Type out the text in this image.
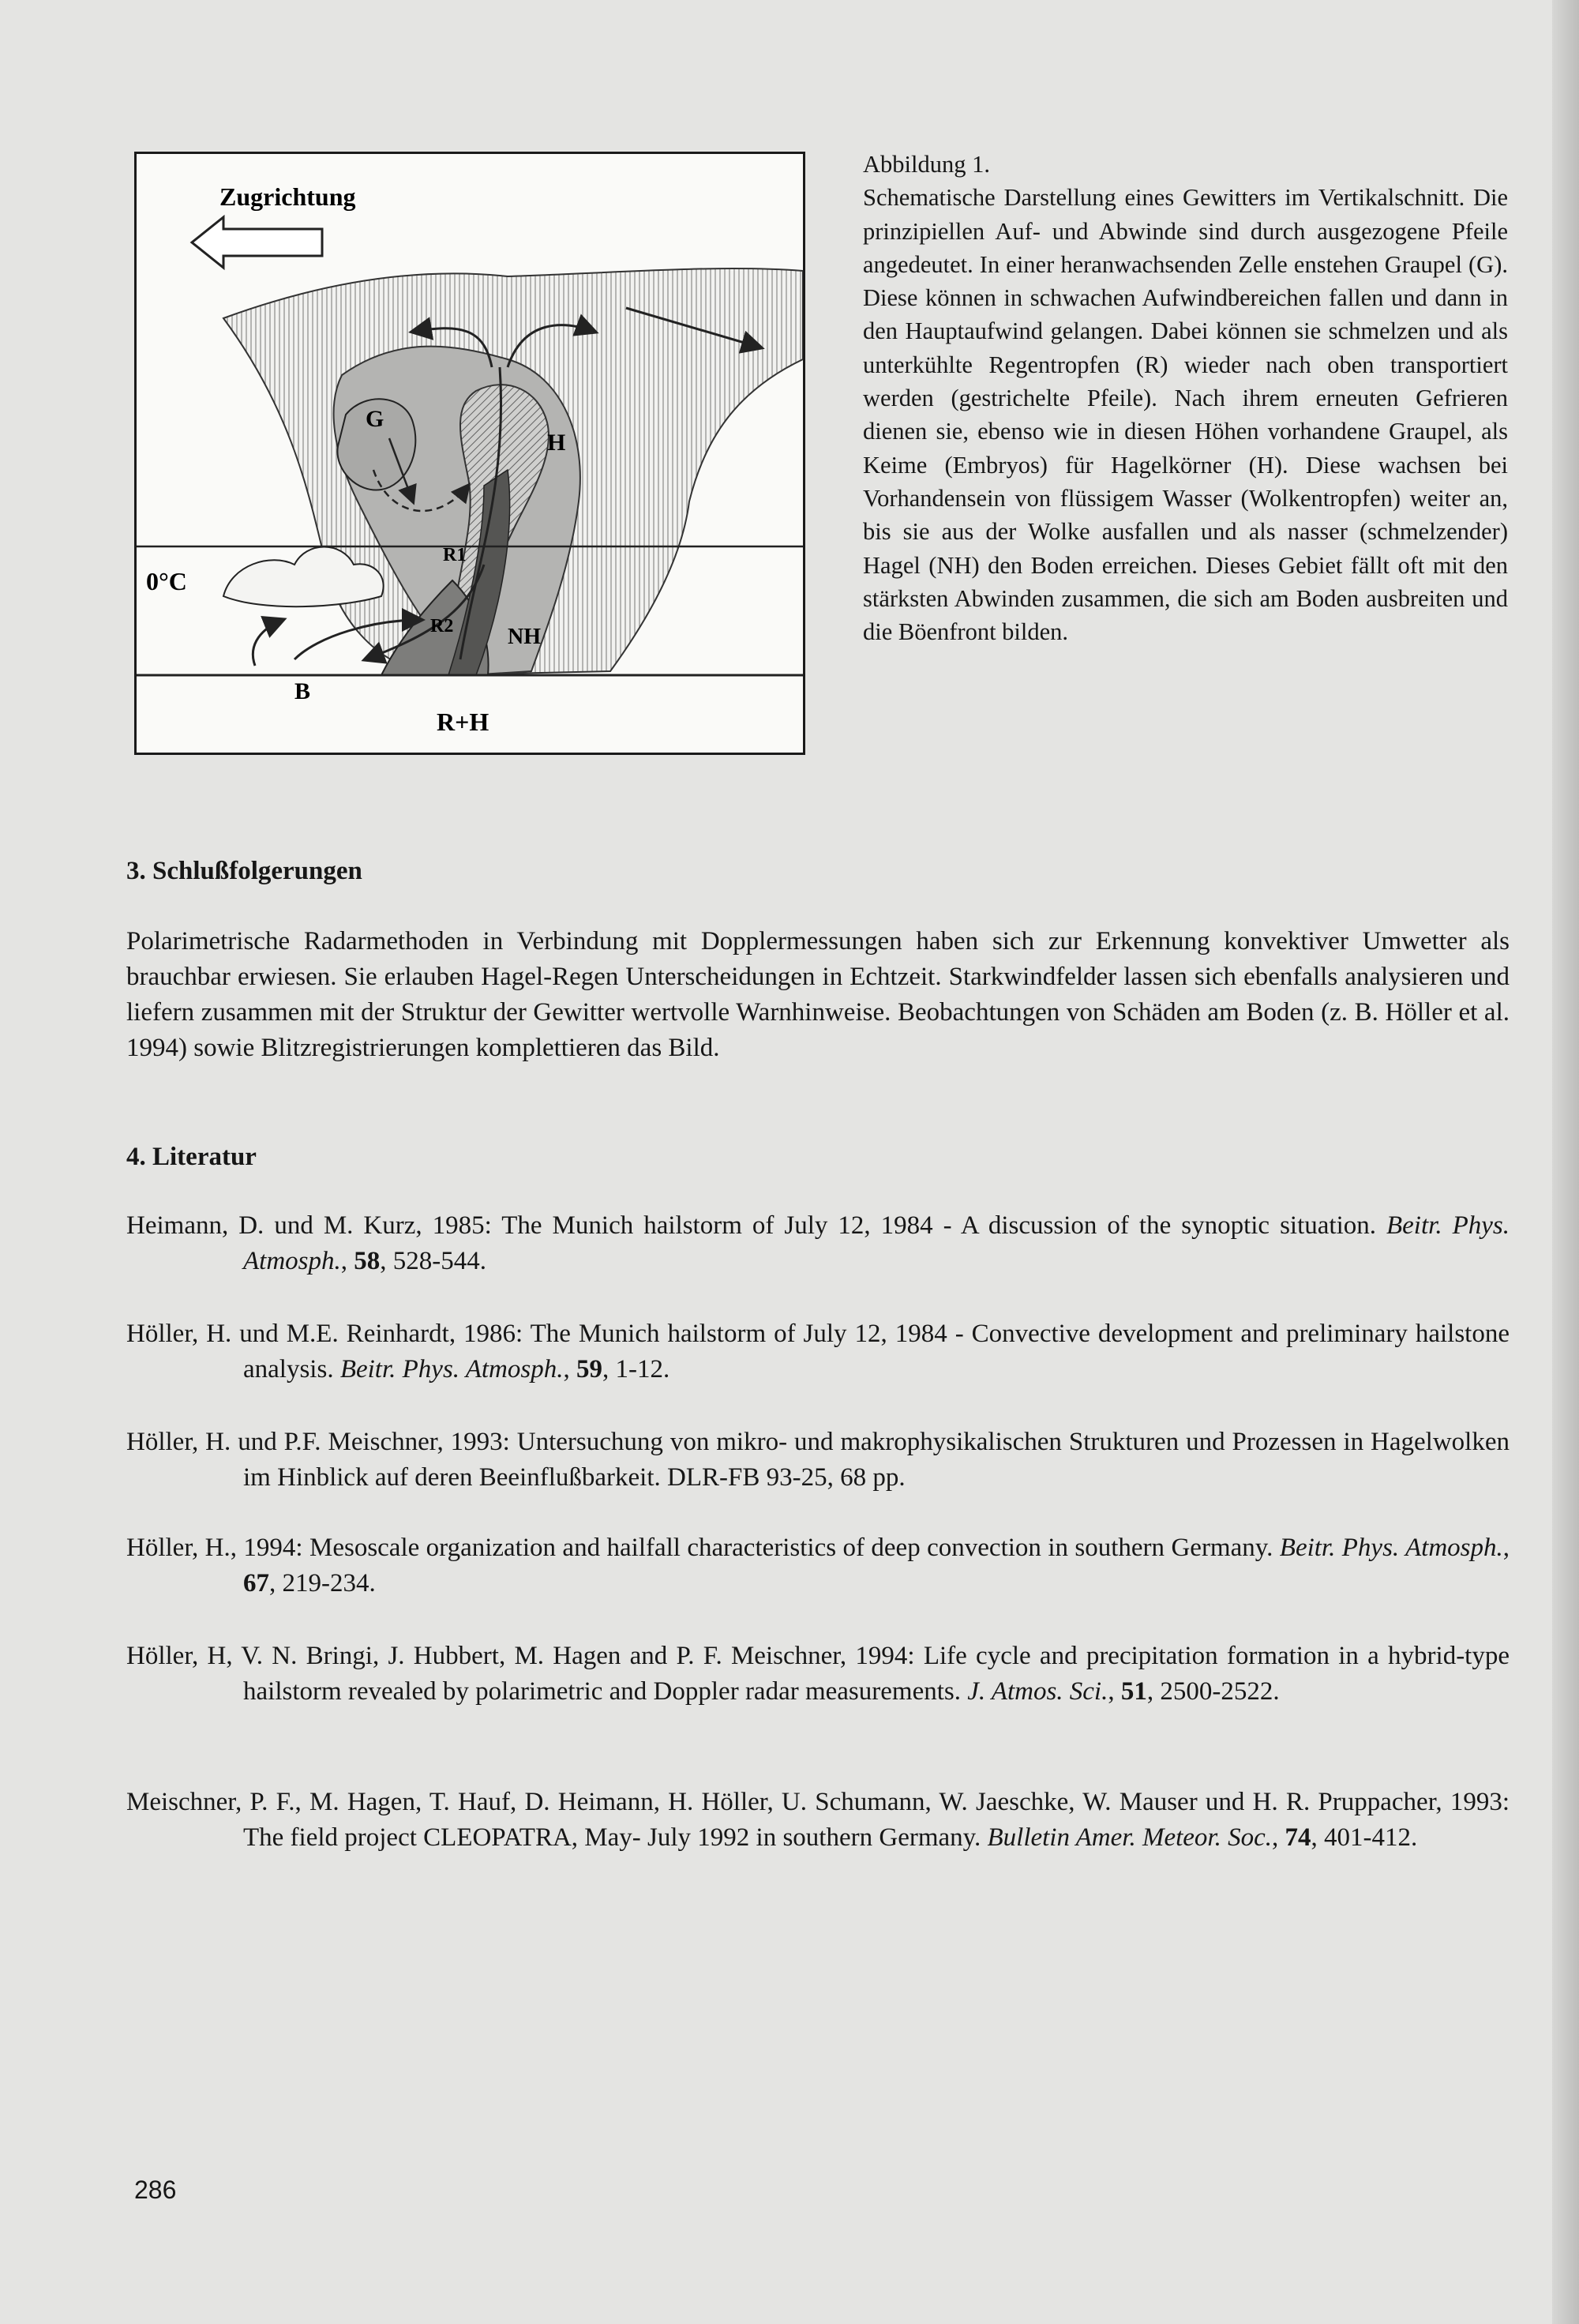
Zugrichtung
0°C
R+H
G
H
R1
R2 NH
B
Abbildung 1.
Schematische Darstellung eines Gewitters im Vertikalschnitt. Die prinzipiellen Auf- und Abwinde sind durch ausgezogene Pfeile angedeutet. In einer heranwachsenden Zelle enstehen Graupel (G). Diese können in schwachen Aufwindbereichen fallen und dann in den Hauptaufwind gelangen. Dabei können sie schmelzen und als unterkühlte Regentropfen (R) wieder nach oben transportiert werden (gestrichelte Pfeile). Nach ihrem erneuten Gefrieren dienen sie, ebenso wie in diesen Höhen vorhandene Graupel, als Keime (Embryos) für Hagelkörner (H). Diese wachsen bei Vorhandensein von flüssigem Wasser (Wolkentropfen) weiter an, bis sie aus der Wolke ausfallen und als nasser (schmelzender) Hagel (NH) den Boden erreichen. Dieses Gebiet fällt oft mit den stärksten Abwinden zusammen, die sich am Boden ausbreiten und die Böenfront bilden.
3. Schlußfolgerungen
Polarimetrische Radarmethoden in Verbindung mit Dopplermessungen haben sich zur Erkennung konvektiver Umwetter als brauchbar erwiesen. Sie erlauben Hagel-Regen Unterscheidungen in Echtzeit. Starkwindfelder lassen sich ebenfalls analysieren und liefern zusammen mit der Struktur der Gewitter wertvolle Warnhinweise. Beobachtungen von Schäden am Boden (z. B. Höller et al. 1994) sowie Blitzregistrierungen komplettieren das Bild.
4. Literatur
Heimann, D. und M. Kurz, 1985: The Munich hailstorm of July 12, 1984 - A discussion of the synoptic situation. Beitr. Phys. Atmosph., 58, 528-544.
Höller, H. und M.E. Reinhardt, 1986: The Munich hailstorm of July 12, 1984 - Convective development and preliminary hailstone analysis. Beitr. Phys. Atmosph., 59, 1-12.
Höller, H. und P.F. Meischner, 1993: Untersuchung von mikro- und makrophysikalischen Strukturen und Prozessen in Hagelwolken im Hinblick auf deren Beeinflußbarkeit. DLR-FB 93-25, 68 pp.
Höller, H., 1994: Mesoscale organization and hailfall characteristics of deep convection in southern Germany. Beitr. Phys. Atmosph., 67, 219-234.
Höller, H, V. N. Bringi, J. Hubbert, M. Hagen and P. F. Meischner, 1994: Life cycle and precipitation formation in a hybrid-type hailstorm revealed by polarimetric and Doppler radar measurements. J. Atmos. Sci., 51, 2500-2522.
Meischner, P. F., M. Hagen, T. Hauf, D. Heimann, H. Höller, U. Schumann, W. Jaeschke, W. Mauser und H. R. Pruppacher, 1993: The field project CLEOPATRA, May- July 1992 in southern Germany. Bulletin Amer. Meteor. Soc., 74, 401-412.
286
